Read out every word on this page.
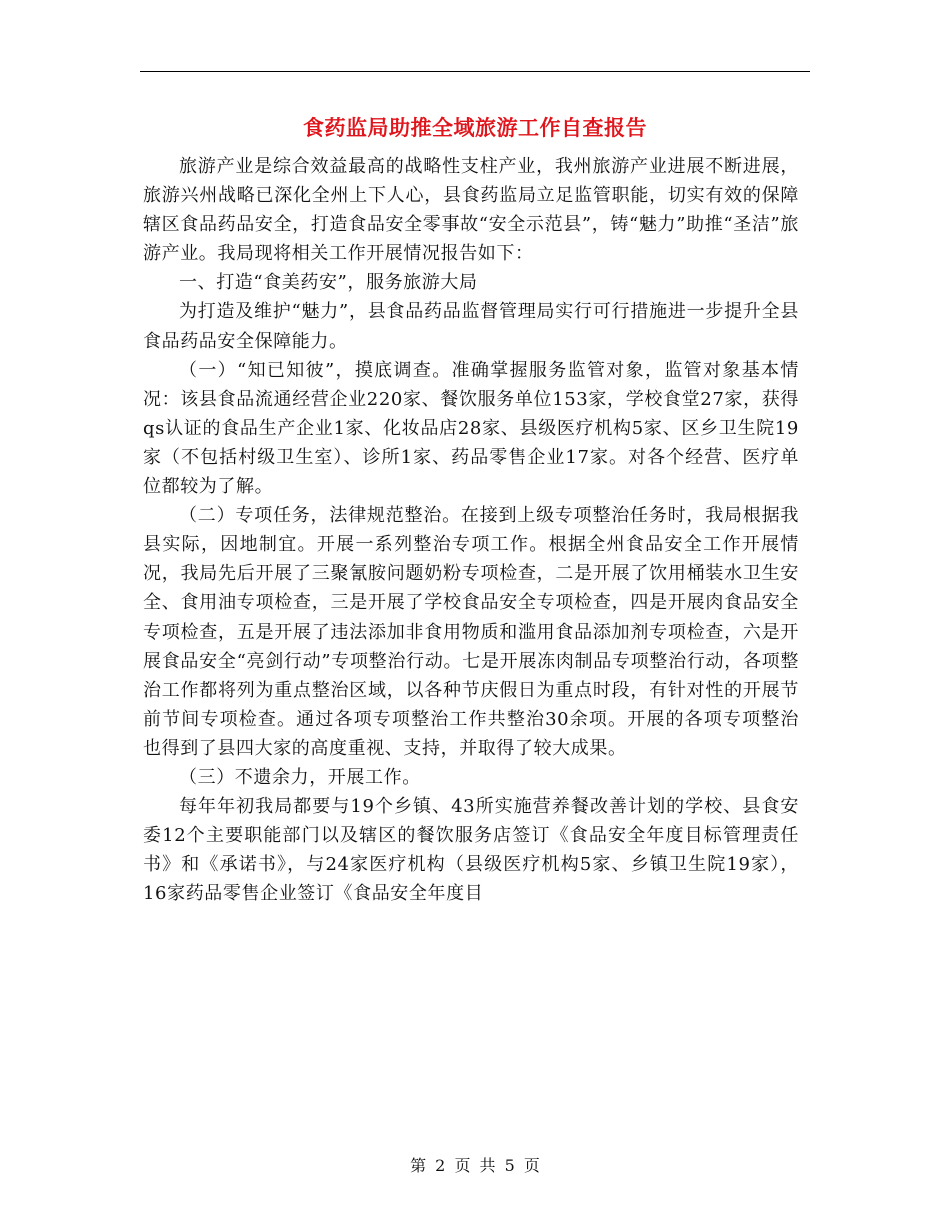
食药监局助推全域旅游工作自查报告

旅游产业是综合效益最高的战略性支柱产业，我州旅游产业进展不断进展，旅游兴州战略已深化全州上下人心，县食药监局立足监管职能，切实有效的保障辖区食品药品安全，打造食品安全零事故“安全示范县”，铸“魅力”助推“圣洁”旅游产业。我局现将相关工作开展情况报告如下：

一、打造“食美药安”，服务旅游大局

为打造及维护“魅力”，县食品药品监督管理局实行可行措施进一步提升全县食品药品安全保障能力。

（一）“知已知彼”，摸底调查。准确掌握服务监管对象，监管对象基本情况：该县食品流通经营企业220家、餐饮服务单位153家，学校食堂27家，获得qs认证的食品生产企业1家、化妆品店28家、县级医疗机构5家、区乡卫生院19家（不包括村级卫生室）、诊所1家、药品零售企业17家。对各个经营、医疗单位都较为了解。

（二）专项任务，法律规范整治。在接到上级专项整治任务时，我局根据我县实际，因地制宜。开展一系列整治专项工作。根据全州食品安全工作开展情况，我局先后开展了三聚氰胺问题奶粉专项检查，二是开展了饮用桶装水卫生安全、食用油专项检查，三是开展了学校食品安全专项检查，四是开展肉食品安全专项检查，五是开展了违法添加非食用物质和滥用食品添加剂专项检查，六是开展食品安全“亮剑行动”专项整治行动。七是开展冻肉制品专项整治行动，各项整治工作都将列为重点整治区域，以各种节庆假日为重点时段，有针对性的开展节前节间专项检查。通过各项专项整治工作共整治30余项。开展的各项专项整治也得到了县四大家的高度重视、支持，并取得了较大成果。

（三）不遗余力，开展工作。

每年年初我局都要与19个乡镇、43所实施营养餐改善计划的学校、县食安委12个主要职能部门以及辖区的餐饮服务店签订《食品安全年度目标管理责任书》和《承诺书》，与24家医疗机构（县级医疗机构5家、乡镇卫生院19家），16家药品零售企业签订《食品安全年度目

第 2 页 共 5 页
